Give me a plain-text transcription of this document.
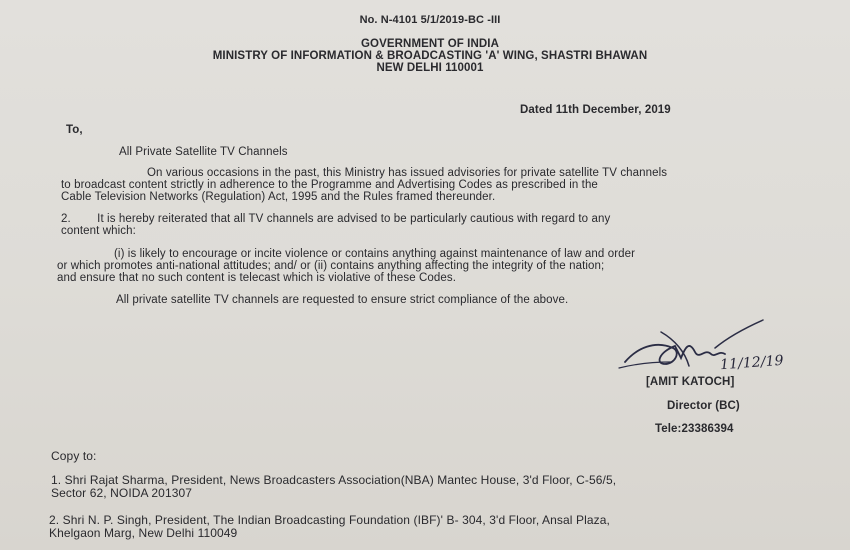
No. N-4101 5/1/2019-BC -III
GOVERNMENT OF INDIA
MINISTRY OF INFORMATION & BROADCASTING 'A' WING, SHASTRI BHAWAN
NEW DELHI 110001
Dated 11th December, 2019
To,
All Private Satellite TV Channels
On various occasions in the past, this Ministry has issued advisories for private satellite TV channels
to broadcast content strictly in adherence to the Programme and Advertising Codes as prescribed in the
Cable Television Networks (Regulation) Act, 1995 and the Rules framed thereunder.
2.        It is hereby reiterated that all TV channels are advised to be particularly cautious with regard to any
content which:
(i) is likely to encourage or incite violence or contains anything against maintenance of law and order
or which promotes anti-national attitudes; and/ or (ii) contains anything affecting the integrity of the nation;
and ensure that no such content is telecast which is violative of these Codes.
All private satellite TV channels are requested to ensure strict compliance of the above.
11/12/19
[AMIT KATOCH]
Director (BC)
Tele:23386394
Copy to:
1. Shri Rajat Sharma, President, News Broadcasters Association(NBA) Mantec House, 3'd Floor, C-56/5,
Sector 62, NOIDA 201307
2. Shri N. P. Singh, President, The Indian Broadcasting Foundation (IBF)' B- 304, 3'd Floor, Ansal Plaza,
Khelgaon Marg, New Delhi 110049
